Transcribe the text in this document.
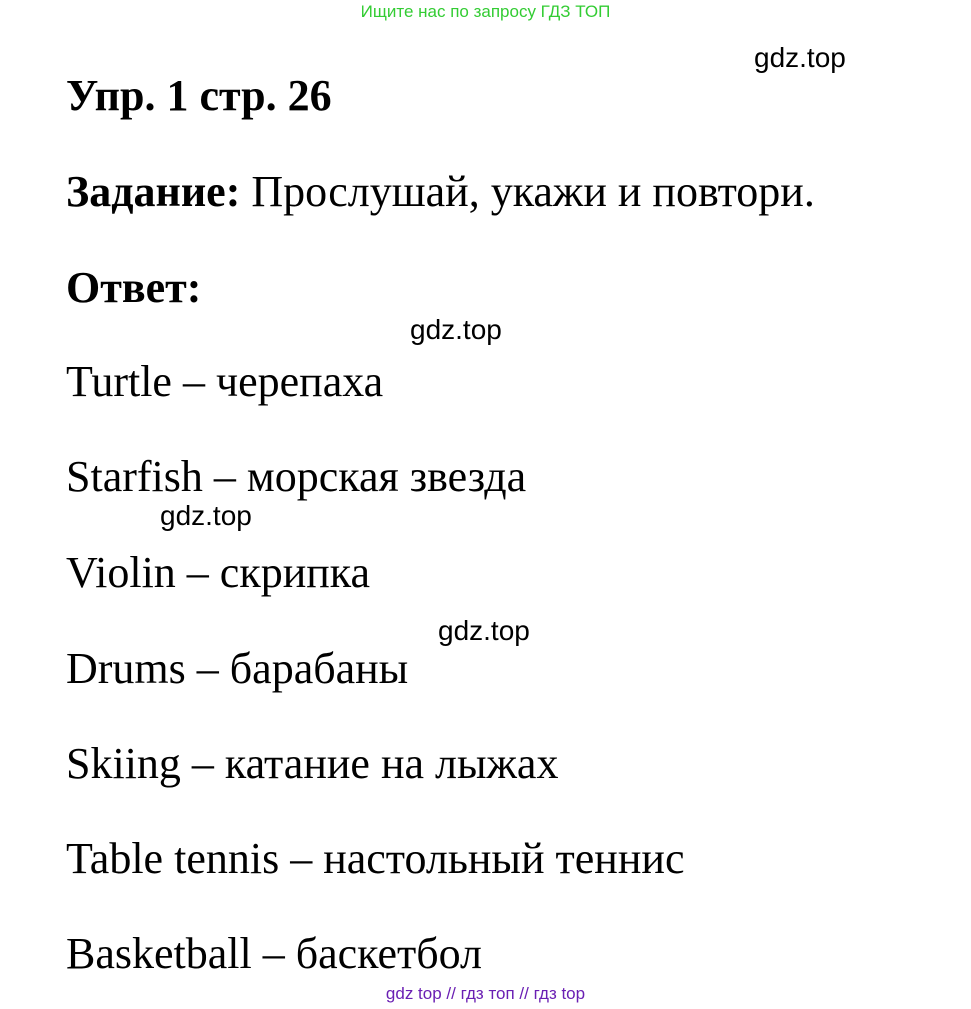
Ищите нас по запросу ГДЗ ТОП
gdz.top
Упр. 1 стр. 26
Задание: Прослушай, укажи и повтори.
Ответ:
gdz.top
Turtle – черепаха
Starfish – морская звезда
gdz.top
Violin – скрипка
gdz.top
Drums – барабаны
Skiing – катание на лыжах
Table tennis – настольный теннис
Basketball – баскетбол
gdz top // гдз топ // гдз top
